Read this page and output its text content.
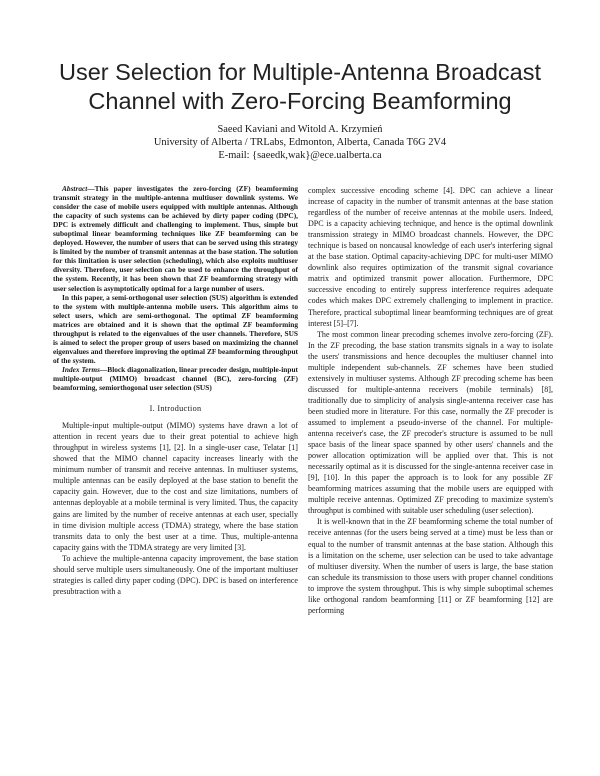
User Selection for Multiple-Antenna Broadcast Channel with Zero-Forcing Beamforming
Saeed Kaviani and Witold A. Krzymień
University of Alberta / TRLabs, Edmonton, Alberta, Canada T6G 2V4
E-mail: {saeedk,wak}@ece.ualberta.ca

Abstract—This paper investigates the zero-forcing (ZF) beamforming transmit strategy in the multiple-antenna multiuser downlink systems. We consider the case of mobile users equipped with multiple antennas. Although the capacity of such systems can be achieved by dirty paper coding (DPC), DPC is extremely difficult and challenging to implement. Thus, simple but suboptimal linear beamforming techniques like ZF beamforming can be deployed. However, the number of users that can be served using this strategy is limited by the number of transmit antennas at the base station. The solution for this limitation is user selection (scheduling), which also exploits multiuser diversity. Therefore, user selection can be used to enhance the throughput of the system. Recently, it has been shown that ZF beamforming strategy with user selection is asymptotically optimal for a large number of users.

In this paper, a semi-orthogonal user selection (SUS) algorithm is extended to the system with multiple-antenna mobile users. This algorithm aims to select users, which are semi-orthogonal. The optimal ZF beamforming matrices are obtained and it is shown that the optimal ZF beamforming throughput is related to the eigenvalues of the user channels. Therefore, SUS is aimed to select the proper group of users based on maximizing the channel eigenvalues and therefore improving the optimal ZF beamforming throughput of the system.

Index Terms—Block diagonalization, linear precoder design, multiple-input multiple-output (MIMO) broadcast channel (BC), zero-forcing (ZF) beamforming, semiorthogonal user selection (SUS)

I. Introduction

Multiple-input multiple-output (MIMO) systems have drawn a lot of attention in recent years due to their great potential to achieve high throughput in wireless systems [1], [2]. In a single-user case, Telatar [1] showed that the MIMO channel capacity increases linearly with the minimum number of transmit and receive antennas. In multiuser systems, multiple antennas can be easily deployed at the base station to benefit the capacity gain. However, due to the cost and size limitations, numbers of antennas deployable at a mobile terminal is very limited. Thus, the capacity gains are limited by the number of receive antennas at each user, specially in time division multiple access (TDMA) strategy, where the base station transmits data to only the best user at a time. Thus, multiple-antenna capacity gains with the TDMA strategy are very limited [3].

To achieve the multiple-antenna capacity improvement, the base station should serve multiple users simultaneously. One of the important multiuser strategies is called dirty paper coding (DPC). DPC is based on interference presubtraction with a

complex successive encoding scheme [4]. DPC can achieve a linear increase of capacity in the number of transmit antennas at the base station regardless of the number of receive antennas at the mobile users. Indeed, DPC is a capacity achieving technique, and hence is the optimal downlink transmission strategy in MIMO broadcast channels. However, the DPC technique is based on noncausal knowledge of each user's interfering signal at the base station. Optimal capacity-achieving DPC for multi-user MIMO downlink also requires optimization of the transmit signal covariance matrix and optimized transmit power allocation. Furthermore, DPC successive encoding to entirely suppress interference requires adequate codes which makes DPC extremely challenging to implement in practice. Therefore, practical suboptimal linear beamforming techniques are of great interest [5]–[7].

The most common linear precoding schemes involve zero-forcing (ZF). In the ZF precoding, the base station transmits signals in a way to isolate the users' transmissions and hence decouples the multiuser channel into multiple independent sub-channels. ZF schemes have been studied extensively in multiuser systems. Although ZF precoding scheme has been discussed for multiple-antenna receivers (mobile terminals) [8], traditionally due to simplicity of analysis single-antenna receiver case has been studied more in literature. For this case, normally the ZF precoder is assumed to implement a pseudo-inverse of the channel. For multiple-antenna receiver's case, the ZF precoder's structure is assumed to be null space basis of the linear space spanned by other users' channels and the power allocation optimization will be applied over that. This is not necessarily optimal as it is discussed for the single-antenna receiver case in [9], [10]. In this paper the approach is to look for any possible ZF beamforming matrices assuming that the mobile users are equipped with multiple receive antennas. Optimized ZF precoding to maximize system's throughput is combined with suitable user scheduling (user selection).

It is well-known that in the ZF beamforming scheme the total number of receive antennas (for the users being served at a time) must be less than or equal to the number of transmit antennas at the base station. Although this is a limitation on the scheme, user selection can be used to take advantage of multiuser diversity. When the number of users is large, the base station can schedule its transmission to those users with proper channel conditions to improve the system throughput. This is why simple suboptimal schemes like orthogonal random beamforming [11] or ZF beamforming [12] are performing
